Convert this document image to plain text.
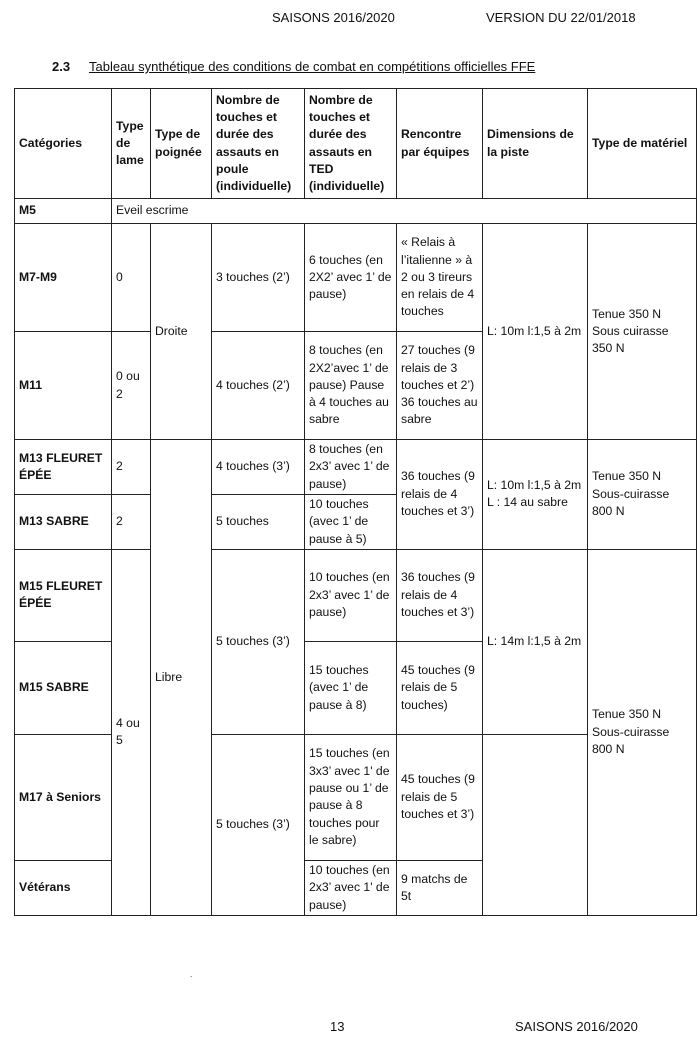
SAISONS 2016/2020	VERSION DU 22/01/2018
2.3 Tableau synthétique des conditions de combat en compétitions officielles FFE
Catégories	Type de lame	Type de poignée	Nombre de touches et durée des assauts en poule (individuelle)	Nombre de touches et durée des assauts en TED (individuelle)	Rencontre par équipes	Dimensions de la piste	Type de matériel
M5	Eveil escrime						
M7-M9	0	Droite	3 touches (2’)	6 touches (en 2X2’ avec 1’ de pause)	« Relais à l’italienne » à 2 ou 3 tireurs en relais de 4 touches	L: 10m l:1,5 à 2m	Tenue 350 N Sous cuirasse 350 N
M11	0 ou 2		4 touches (2’)	8 touches (en 2X2’avec 1’ de pause) Pause à 4 touches au sabre	27 touches (9 relais de 3 touches et 2’) 36 touches au sabre		
M13 FLEURET ÉPÉE	2	Libre	4 touches (3’)	8 touches (en 2x3’ avec 1’ de pause)	36 touches (9 relais de 4 touches et 3’)	L: 10m l:1,5 à 2m L : 14 au sabre	Tenue 350 N Sous-cuirasse 800 N
M13 SABRE	2		5 touches	10 touches (avec 1’ de pause à 5)			
M15 FLEURET ÉPÉE	4 ou 5		5 touches (3’)	10 touches (en 2x3’ avec 1’ de pause)	36 touches (9 relais de 4 touches et 3’)	L: 14m l:1,5 à 2m	Tenue 350 N Sous-cuirasse 800 N
M15 SABRE				15 touches (avec 1’ de pause à 8)	45 touches (9 relais de 5 touches)		
M17 à Seniors			5 touches (3’)	15 touches (en 3x3’ avec 1' de pause ou 1’ de pause à 8 touches pour le sabre)	45 touches (9 relais de 5 touches et 3’)		
Vétérans				10 touches (en 2x3’ avec 1' de pause)	9 matchs de 5t		
.
13	SAISONS 2016/2020
